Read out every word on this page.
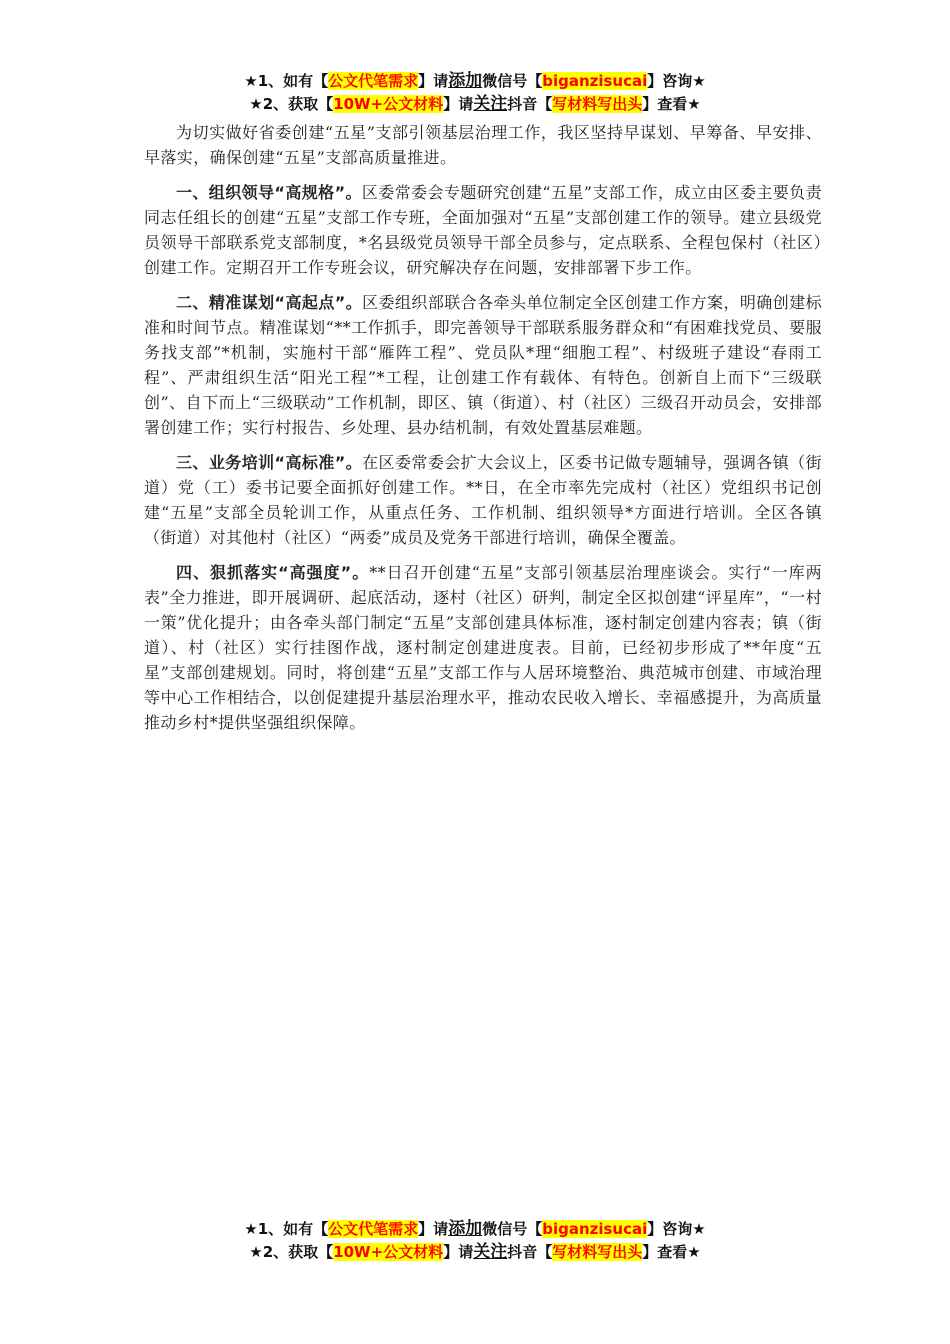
★1、如有【公文代笔需求】请添加微信号【biganzisucai】咨询★
★2、获取【10W+公文材料】请关注抖音【写材料写出头】查看★

为切实做好省委创建“五星”支部引领基层治理工作，我区坚持早谋划、早筹备、早安排、早落实，确保创建“五星”支部高质量推进。

一、组织领导“高规格”。区委常委会专题研究创建“五星”支部工作，成立由区委主要负责同志任组长的创建“五星”支部工作专班，全面加强对“五星”支部创建工作的领导。建立县级党员领导干部联系党支部制度，*名县级党员领导干部全员参与，定点联系、全程包保村（社区）创建工作。定期召开工作专班会议，研究解决存在问题，安排部署下步工作。

二、精准谋划“高起点”。区委组织部联合各牵头单位制定全区创建工作方案，明确创建标准和时间节点。精准谋划“**工作抓手，即完善领导干部联系服务群众和“有困难找党员、要服务找支部”*机制，实施村干部“雁阵工程”、党员队*理“细胞工程”、村级班子建设“春雨工程”、严肃组织生活“阳光工程”*工程，让创建工作有载体、有特色。创新自上而下“三级联创”、自下而上“三级联动”工作机制，即区、镇（街道）、村（社区）三级召开动员会，安排部署创建工作；实行村报告、乡处理、县办结机制，有效处置基层难题。

三、业务培训“高标准”。在区委常委会扩大会议上，区委书记做专题辅导，强调各镇（街道）党（工）委书记要全面抓好创建工作。**日，在全市率先完成村（社区）党组织书记创建“五星”支部全员轮训工作，从重点任务、工作机制、组织领导*方面进行培训。全区各镇（街道）对其他村（社区）“两委”成员及党务干部进行培训，确保全覆盖。

四、狠抓落实“高强度”。**日召开创建“五星”支部引领基层治理座谈会。实行“一库两表”全力推进，即开展调研、起底活动，逐村（社区）研判，制定全区拟创建“评星库”，“一村一策”优化提升；由各牵头部门制定“五星”支部创建具体标准，逐村制定创建内容表；镇（街道）、村（社区）实行挂图作战，逐村制定创建进度表。目前，已经初步形成了**年度“五星”支部创建规划。同时，将创建“五星”支部工作与人居环境整治、典范城市创建、市域治理等中心工作相结合，以创促建提升基层治理水平，推动农民收入增长、幸福感提升，为高质量推动乡村*提供坚强组织保障。

★1、如有【公文代笔需求】请添加微信号【biganzisucai】咨询★
★2、获取【10W+公文材料】请关注抖音【写材料写出头】查看★
